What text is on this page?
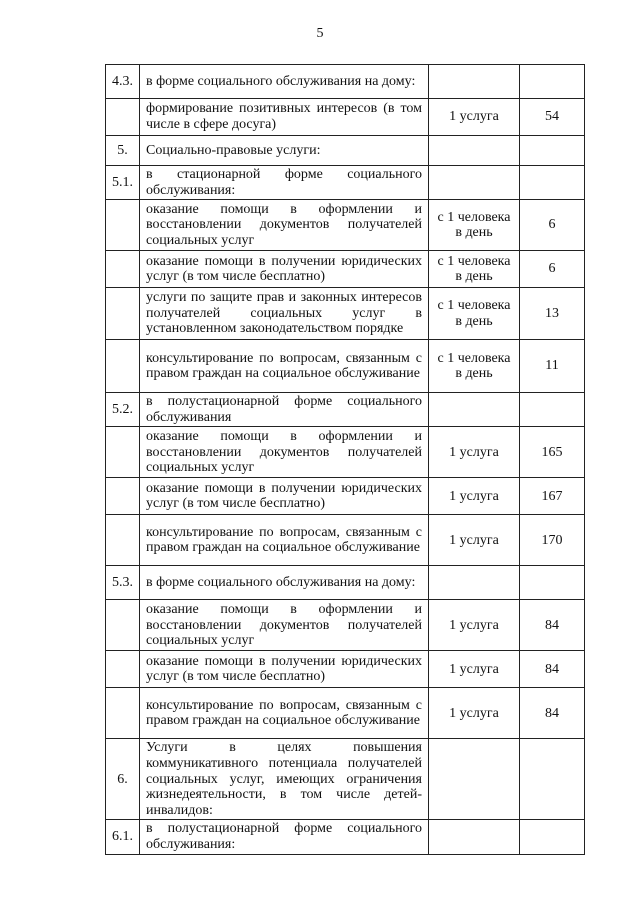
5
4.3.	в форме социального обслуживания на дому:		
	формирование позитивных интересов (в том числе в сфере досуга)	1 услуга	54
5.	Социально-правовые услуги:		
5.1.	в стационарной форме социального обслуживания:		
	оказание помощи в оформлении и восстановлении документов получателей социальных услуг	с 1 человека в день	6
	оказание помощи в получении юридических услуг (в том числе бесплатно)	с 1 человека в день	6
	услуги по защите прав и законных интересов получателей социальных услуг в установленном законодательством порядке	с 1 человека в день	13
	консультирование по вопросам, связанным с правом граждан на социальное обслуживание	с 1 человека в день	11
5.2.	в полустационарной форме социального обслуживания		
	оказание помощи в оформлении и восстановлении документов получателей социальных услуг	1 услуга	165
	оказание помощи в получении юридических услуг (в том числе бесплатно)	1 услуга	167
	консультирование по вопросам, связанным с правом граждан на социальное обслуживание	1 услуга	170
5.3.	в форме социального обслуживания на дому:		
	оказание помощи в оформлении и восстановлении документов получателей социальных услуг	1 услуга	84
	оказание помощи в получении юридических услуг (в том числе бесплатно)	1 услуга	84
	консультирование по вопросам, связанным с правом граждан на социальное обслуживание	1 услуга	84
6.	Услуги в целях повышения коммуникативного потенциала получателей социальных услуг, имеющих ограничения жизнедеятельности, в том числе детей-инвалидов:		
6.1.	в полустационарной форме социального обслуживания:		
